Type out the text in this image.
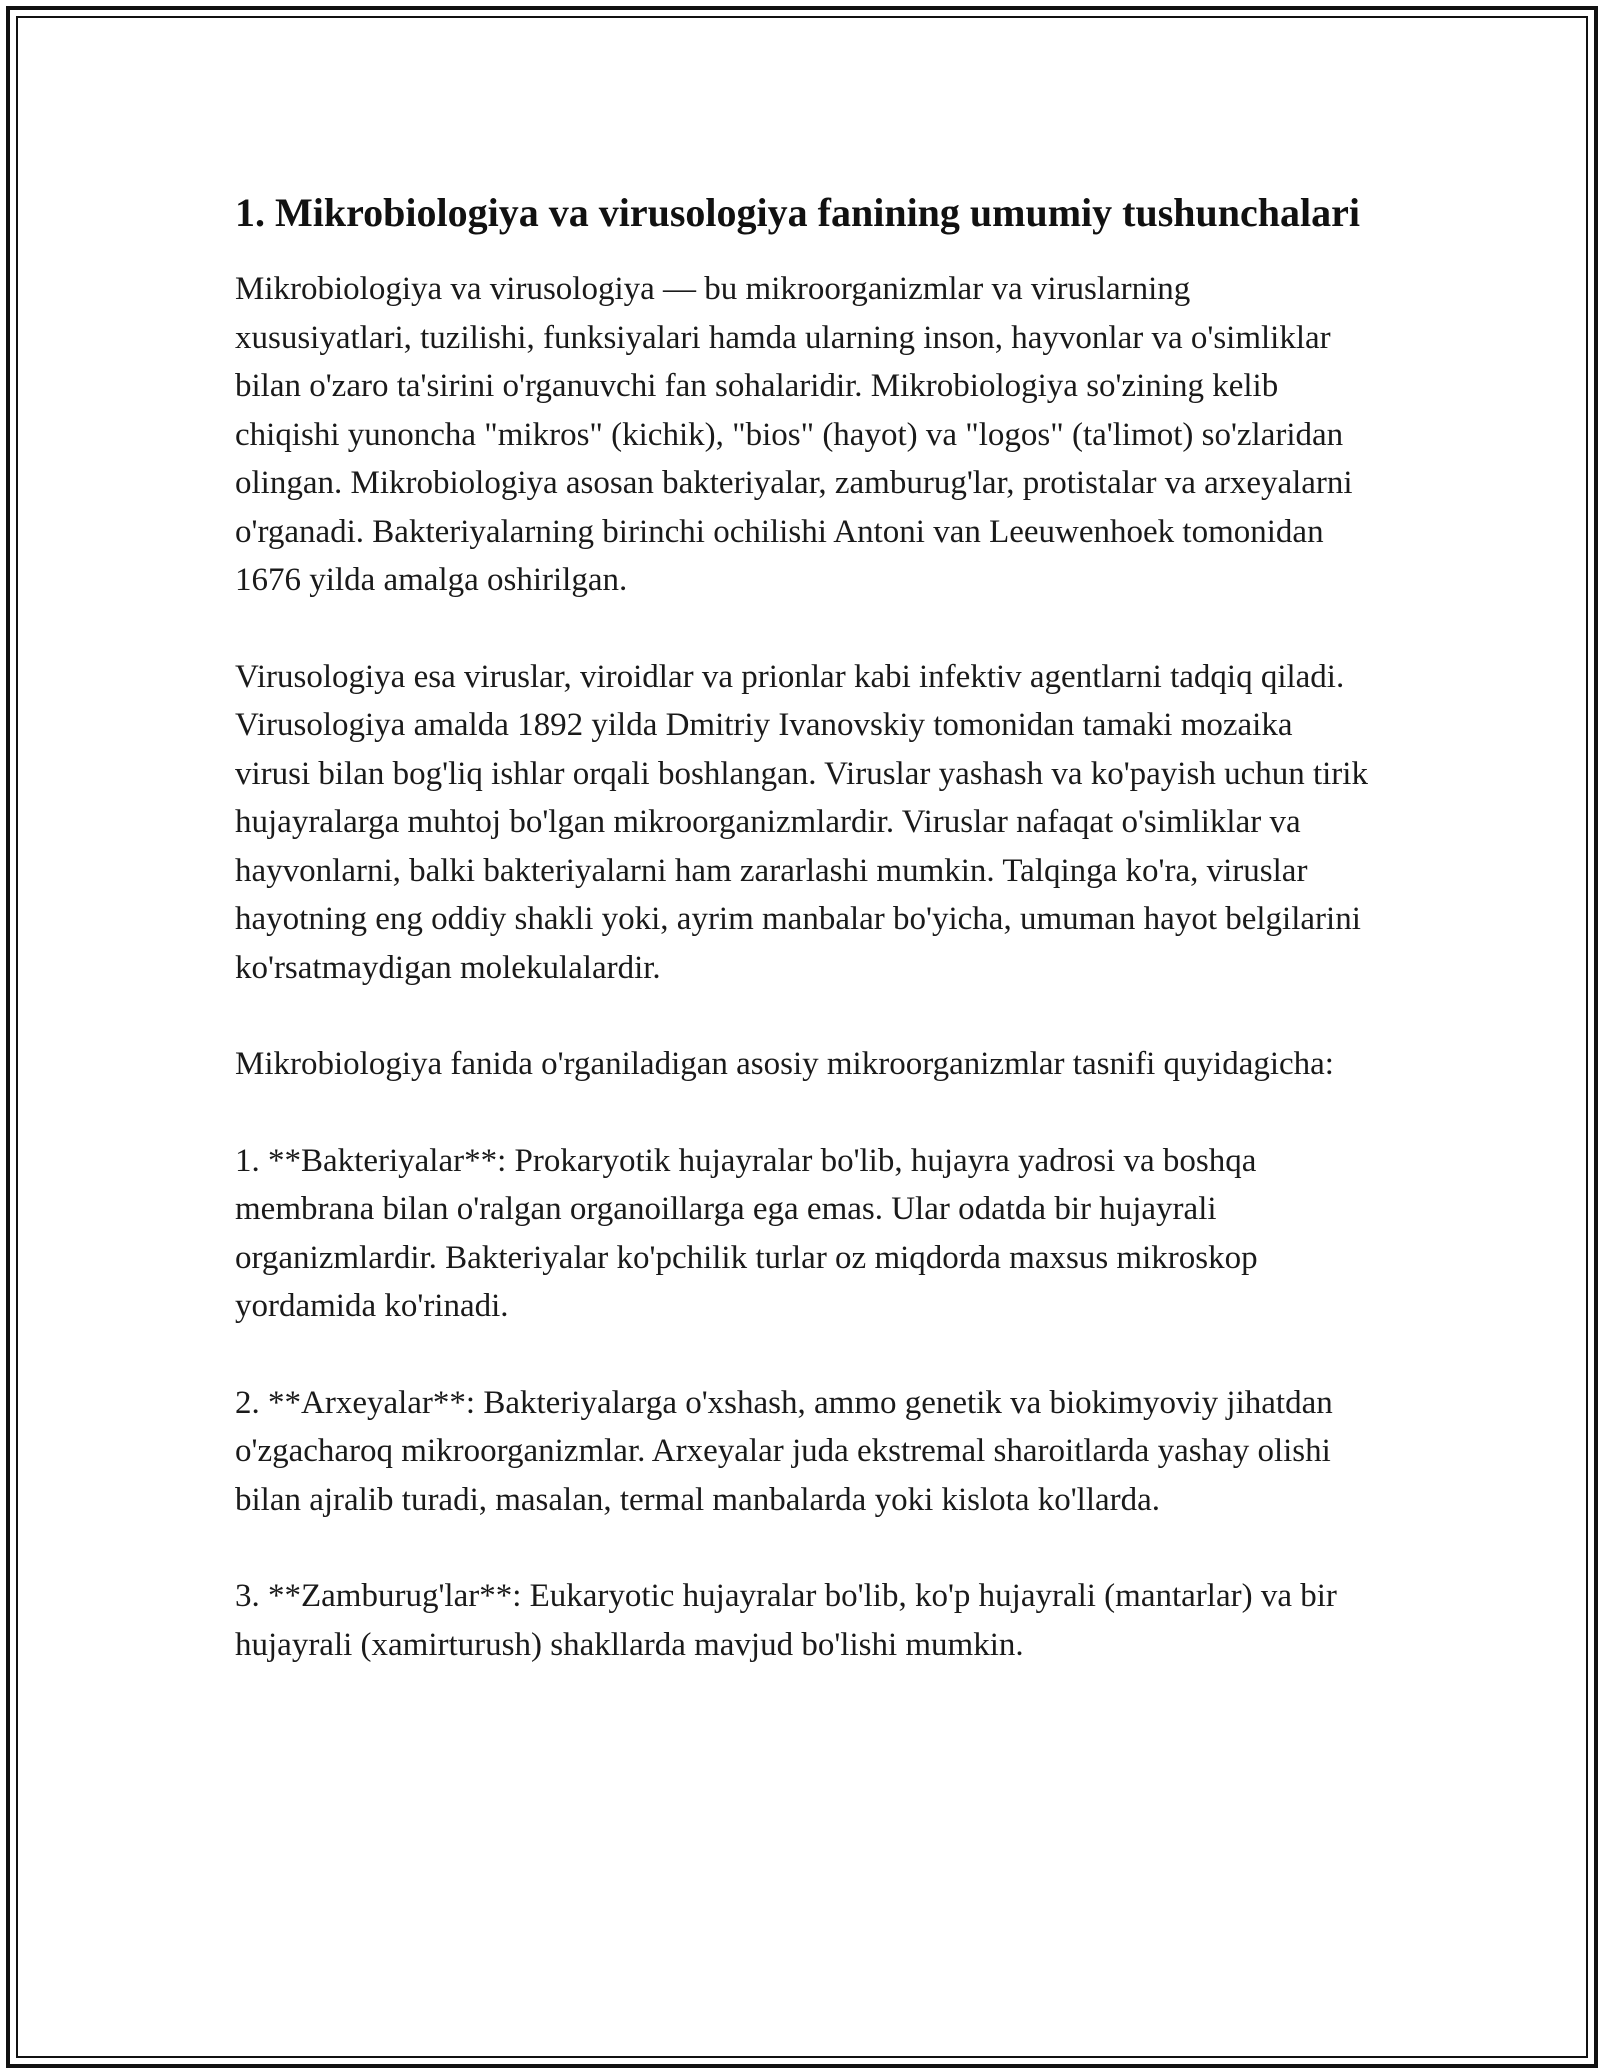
1. Mikrobiologiya va virusologiya fanining umumiy tushunchalari

Mikrobiologiya va virusologiya — bu mikroorganizmlar va viruslarning xususiyatlari, tuzilishi, funksiyalari hamda ularning inson, hayvonlar va o'simliklar bilan o'zaro ta'sirini o'rganuvchi fan sohalaridir. Mikrobiologiya so'zining kelib chiqishi yunoncha "mikros" (kichik), "bios" (hayot) va "logos" (ta'limot) so'zlaridan olingan. Mikrobiologiya asosan bakteriyalar, zamburug'lar, protistalar va arxeyalarni o'rganadi. Bakteriyalarning birinchi ochilishi Antoni van Leeuwenhoek tomonidan 1676 yilda amalga oshirilgan.

Virusologiya esa viruslar, viroidlar va prionlar kabi infektiv agentlarni tadqiq qiladi. Virusologiya amalda 1892 yilda Dmitriy Ivanovskiy tomonidan tamaki mozaika virusi bilan bog'liq ishlar orqali boshlangan. Viruslar yashash va ko'payish uchun tirik hujayralarga muhtoj bo'lgan mikroorganizmlardir. Viruslar nafaqat o'simliklar va hayvonlarni, balki bakteriyalarni ham zararlashi mumkin. Talqinga ko'ra, viruslar hayotning eng oddiy shakli yoki, ayrim manbalar bo'yicha, umuman hayot belgilarini ko'rsatmaydigan molekulalardir.

Mikrobiologiya fanida o'rganiladigan asosiy mikroorganizmlar tasnifi quyidagicha:

1. **Bakteriyalar**: Prokaryotik hujayralar bo'lib, hujayra yadrosi va boshqa membrana bilan o'ralgan organoillarga ega emas. Ular odatda bir hujayrali organizmlardir. Bakteriyalar ko'pchilik turlar oz miqdorda maxsus mikroskop yordamida ko'rinadi.

2. **Arxeyalar**: Bakteriyalarga o'xshash, ammo genetik va biokimyoviy jihatdan o'zgacharoq mikroorganizmlar. Arxeyalar juda ekstremal sharoitlarda yashay olishi bilan ajralib turadi, masalan, termal manbalarda yoki kislota ko'llarda.

3. **Zamburug'lar**: Eukaryotic hujayralar bo'lib, ko'p hujayrali (mantarlar) va bir hujayrali (xamirturush) shakllarda mavjud bo'lishi mumkin.
